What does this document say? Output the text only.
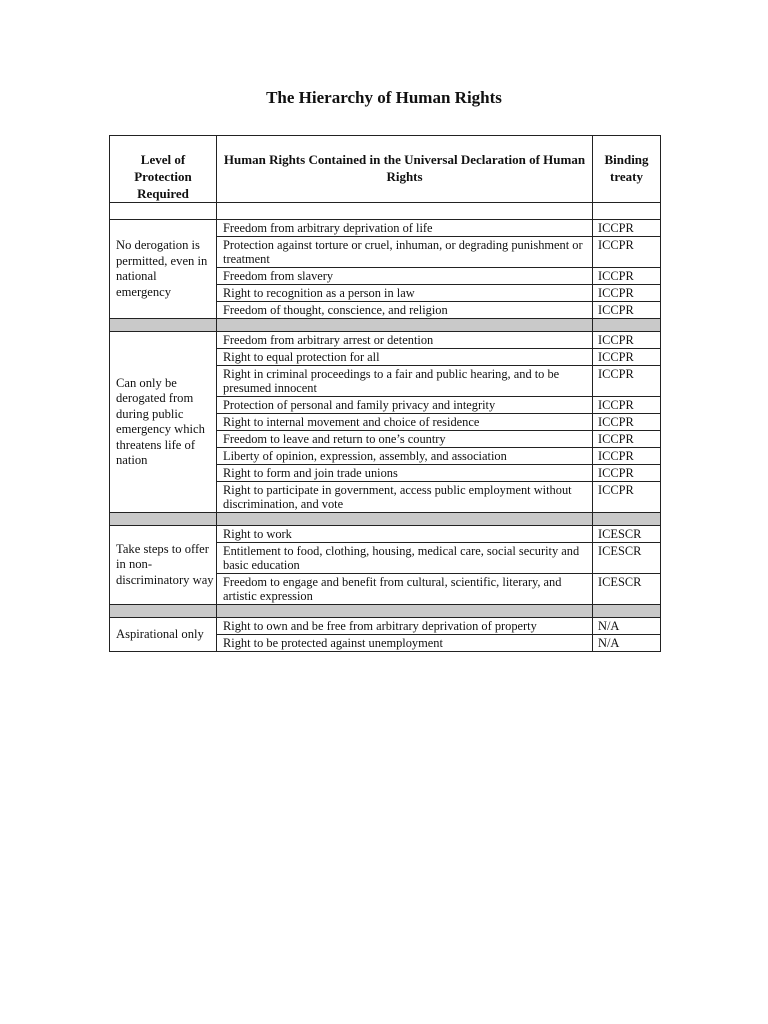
The Hierarchy of Human Rights
Level of Protection Required	Human Rights Contained in the Universal Declaration of Human Rights	Binding treaty

No derogation is permitted, even in national emergency	Freedom from arbitrary deprivation of life	ICCPR
	Protection against torture or cruel, inhuman, or degrading punishment or treatment	ICCPR
	Freedom from slavery	ICCPR
	Right to recognition as a person in law	ICCPR
	Freedom of thought, conscience, and religion	ICCPR

Can only be derogated from during public emergency which threatens life of nation	Freedom from arbitrary arrest or detention	ICCPR
	Right to equal protection for all	ICCPR
	Right in criminal proceedings to a fair and public hearing, and to be presumed innocent	ICCPR
	Protection of personal and family privacy and integrity	ICCPR
	Right to internal movement and choice of residence	ICCPR
	Freedom to leave and return to one’s country	ICCPR
	Liberty of opinion, expression, assembly, and association	ICCPR
	Right to form and join trade unions	ICCPR
	Right to participate in government, access public employment without discrimination, and vote	ICCPR

Take steps to offer in non-discriminatory way	Right to work	ICESCR
	Entitlement to food, clothing, housing, medical care, social security and basic education	ICESCR
	Freedom to engage and benefit from cultural, scientific, literary, and artistic expression	ICESCR

Aspirational only	Right to own and be free from arbitrary deprivation of property	N/A
	Right to be protected against unemployment	N/A
